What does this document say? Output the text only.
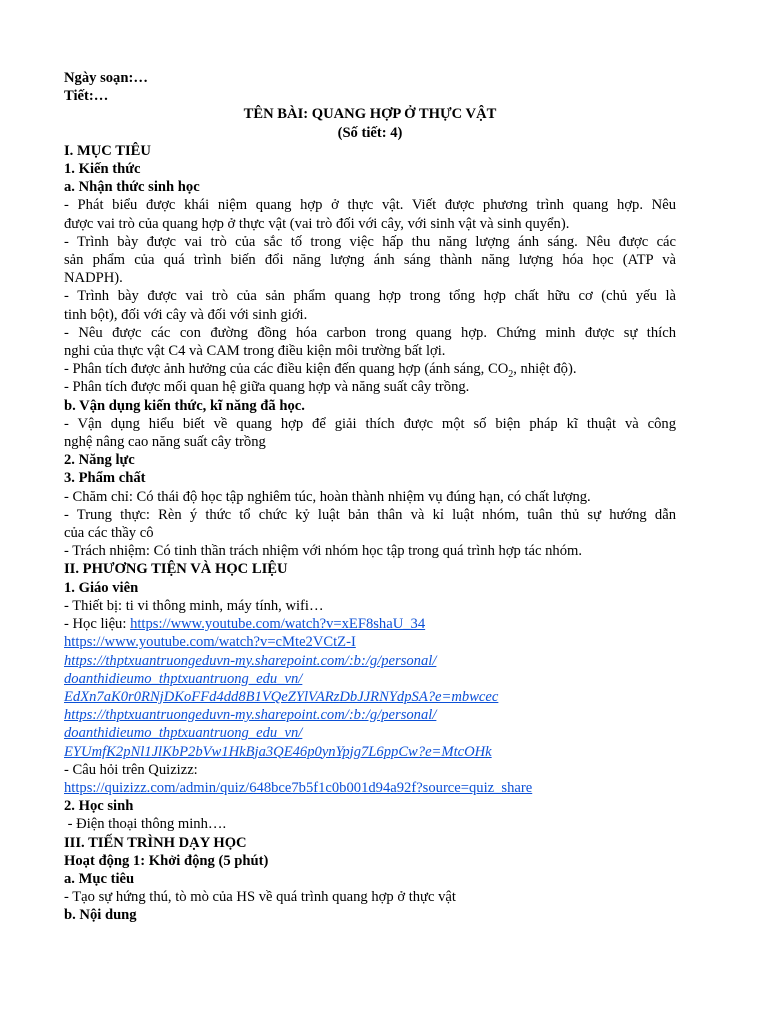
Ngày soạn:…

Tiết:…

TÊN BÀI: QUANG HỢP Ở THỰC VẬT

(Số tiết: 4)

I. MỤC TIÊU

1. Kiến thức

a. Nhận thức sinh học

- Phát biểu được khái niệm quang hợp ở thực vật. Viết được phương trình quang hợp. Nêu

được vai trò của quang hợp ở thực vật (vai trò đối với cây, với sinh vật và sinh quyển).

- Trình bày được vai trò của sắc tố trong việc hấp thu năng lượng ánh sáng. Nêu được các

sản phẩm của quá trình biến đổi năng lượng ánh sáng thành năng lượng hóa học (ATP và

NADPH).

- Trình bày được vai trò của sản phẩm quang hợp trong tổng hợp chất hữu cơ (chủ yếu là

tinh bột), đối với cây và đối với sinh giới.

- Nêu được các con đường đồng hóa carbon trong quang hợp. Chứng minh được sự thích

nghi của thực vật C4 và CAM trong điều kiện môi trường bất lợi.

- Phân tích được ảnh hưởng của các điều kiện đến quang hợp (ánh sáng, $CO_2$, nhiệt độ).

- Phân tích được mối quan hệ giữa quang hợp và năng suất cây trồng.

b. Vận dụng kiến thức, kĩ năng đã học.

- Vận dụng hiểu biết về quang hợp để giải thích được một số biện pháp kĩ thuật và công

nghệ nâng cao năng suất cây trồng

2. Năng lực

3. Phẩm chất

- Chăm chỉ: Có thái độ học tập nghiêm túc, hoàn thành nhiệm vụ đúng hạn, có chất lượng.

- Trung thực: Rèn ý thức tổ chức kỷ luật bản thân và kỉ luật nhóm, tuân thủ sự hướng dẫn

của các thầy cô

- Trách nhiệm: Có tinh thần trách nhiệm với nhóm học tập trong quá trình hợp tác nhóm.

II. PHƯƠNG TIỆN VÀ HỌC LIỆU

1. Giáo viên

- Thiết bị: ti vi thông minh, máy tính, wifi…

- Học liệu: https://www.youtube.com/watch?v=xEF8shaU_34

https://www.youtube.com/watch?v=cMte2VCtZ-I

https://thptxuantruongeduvn-my.sharepoint.com/:b:/g/personal/

doanthidieumo_thptxuantruong_edu_vn/

EdXn7aK0r0RNjDKoFFd4dd8B1VQeZYlVARzDbJJRNYdpSA?e=mbwcec

https://thptxuantruongeduvn-my.sharepoint.com/:b:/g/personal/

doanthidieumo_thptxuantruong_edu_vn/

EYUmfK2pNl1JlKbP2bVw1HkBja3QE46p0ynYpjg7L6ppCw?e=MtcOHk

- Câu hỏi trên Quizizz:

https://quizizz.com/admin/quiz/648bce7b5f1c0b001d94a92f?source=quiz_share

2. Học sinh

- Điện thoại thông minh….

III. TIẾN TRÌNH DẠY HỌC

Hoạt động 1: Khởi động (5 phút)

a. Mục tiêu

- Tạo sự hứng thú, tò mò của HS về quá trình quang hợp ở thực vật

b. Nội dung
